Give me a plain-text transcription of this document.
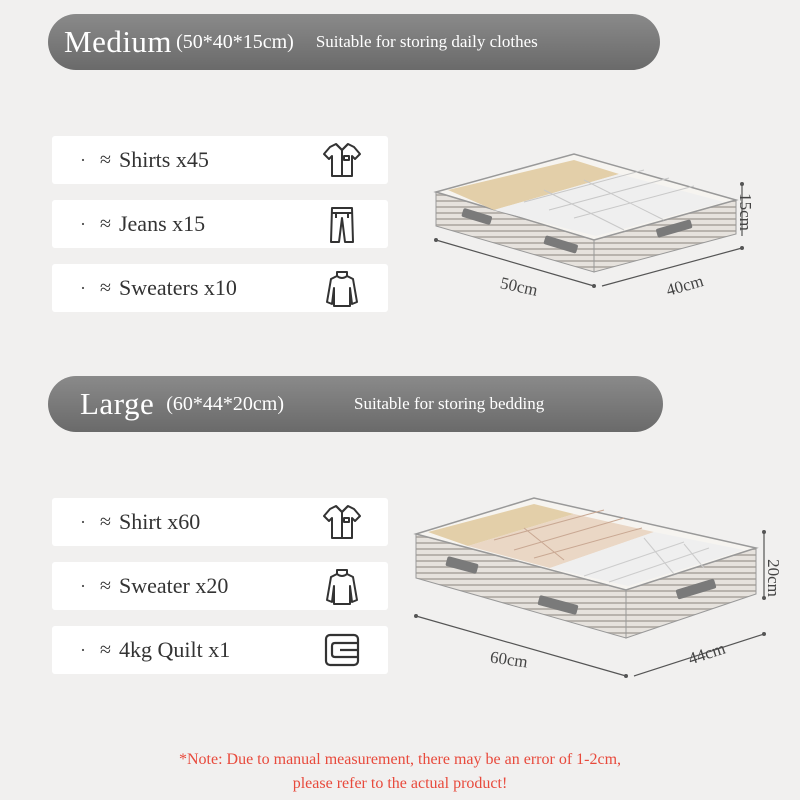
Medium (50*40*15cm) Suitable for storing daily clothes
· ≈ Shirts x45
· ≈ Jeans x15
· ≈ Sweaters x10	50cm	40cm
15cm
Large (60*44*20cm)	Suitable for storing bedding
· ≈ Shirt x60
· ≈ Sweater x20
· ≈ 4kg Quilt x1	60cm	44cm
20cm
*Note: Due to manual measurement, there may be an error of 1-2cm,
please refer to the actual product!
